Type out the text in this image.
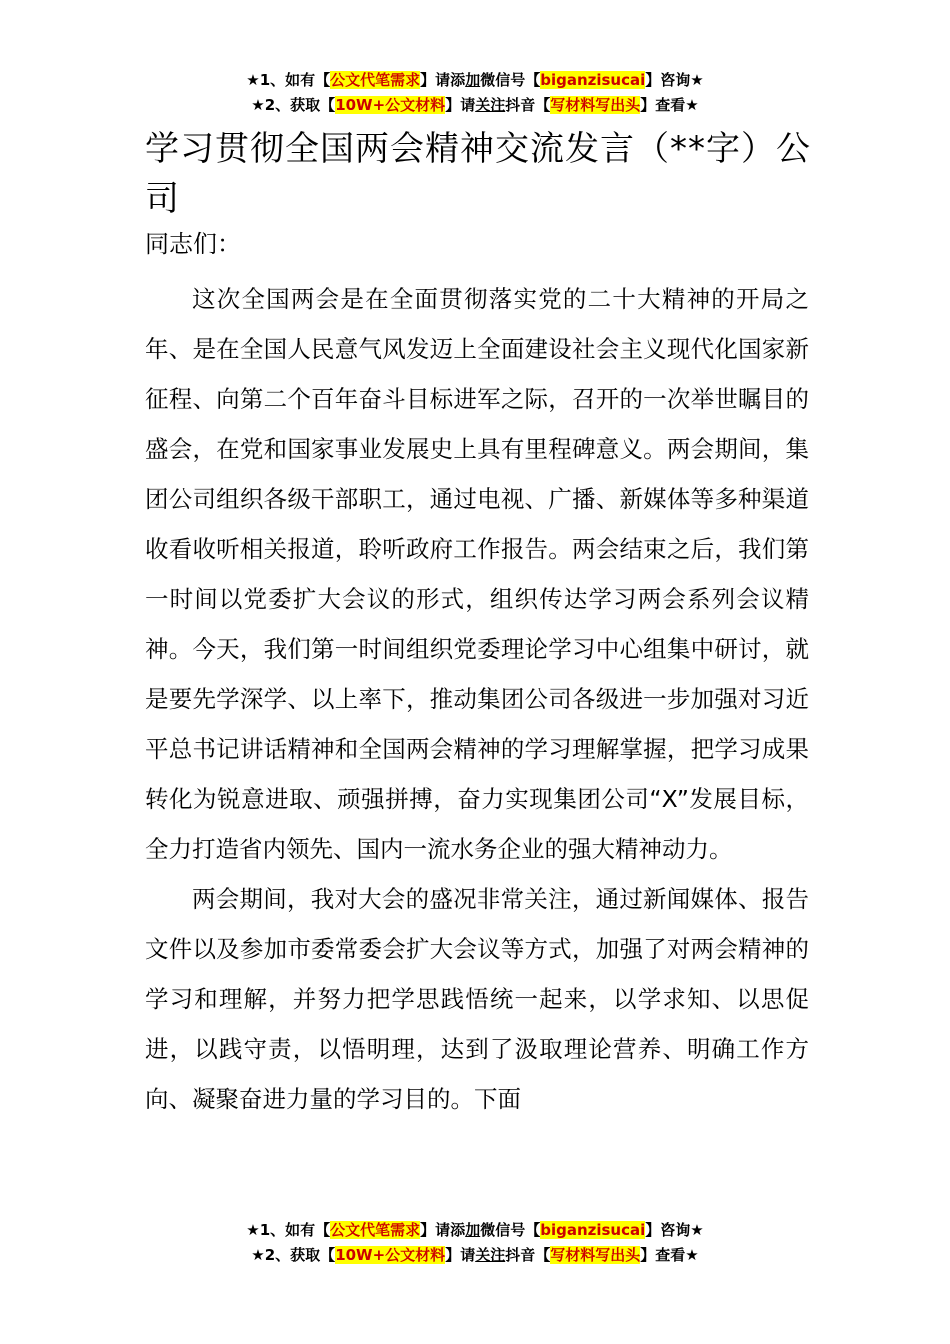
★1、如有【公文代笔需求】请添加微信号【biganzisucai】咨询★
★2、获取【10W+公文材料】请关注抖音【写材料写出头】查看★
学习贯彻全国两会精神交流发言（**字）公司
同志们：

这次全国两会是在全面贯彻落实党的二十大精神的开局之年、是在全国人民意气风发迈上全面建设社会主义现代化国家新征程、向第二个百年奋斗目标进军之际，召开的一次举世瞩目的盛会，在党和国家事业发展史上具有里程碑意义。两会期间，集团公司组织各级干部职工，通过电视、广播、新媒体等多种渠道收看收听相关报道，聆听政府工作报告。两会结束之后，我们第一时间以党委扩大会议的形式，组织传达学习两会系列会议精神。今天，我们第一时间组织党委理论学习中心组集中研讨，就是要先学深学、以上率下，推动集团公司各级进一步加强对习近平总书记讲话精神和全国两会精神的学习理解掌握，把学习成果转化为锐意进取、顽强拼搏，奋力实现集团公司“X”发展目标，全力打造省内领先、国内一流水务企业的强大精神动力。

两会期间，我对大会的盛况非常关注，通过新闻媒体、报告文件以及参加市委常委会扩大会议等方式，加强了对两会精神的学习和理解，并努力把学思践悟统一起来，以学求知、以思促进，以践守责，以悟明理，达到了汲取理论营养、明确工作方向、凝聚奋进力量的学习目的。下面

★1、如有【公文代笔需求】请添加微信号【biganzisucai】咨询★
★2、获取【10W+公文材料】请关注抖音【写材料写出头】查看★
